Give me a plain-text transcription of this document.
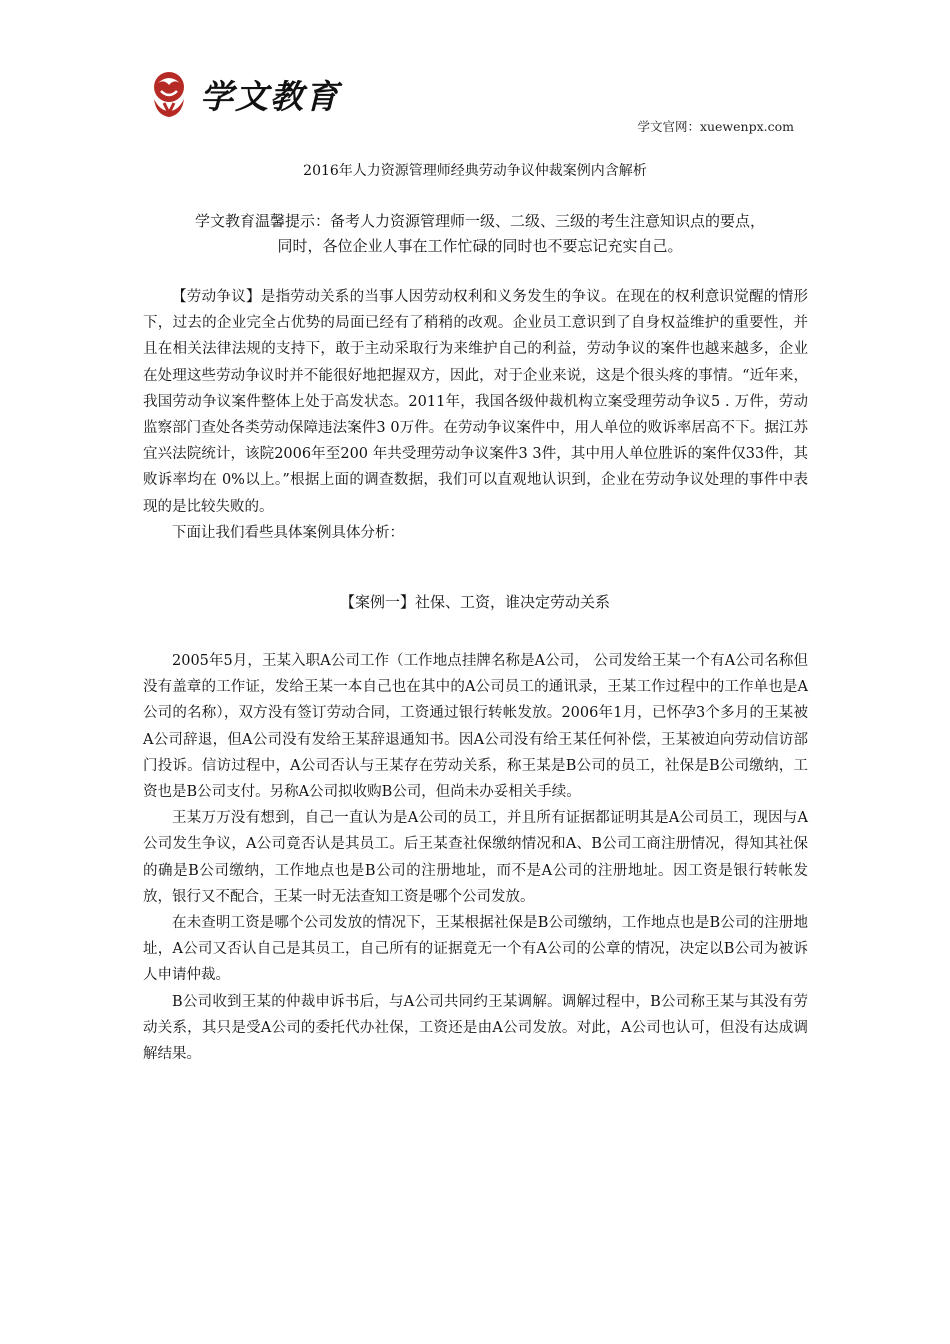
学文教育
学文官网：xuewenpx.com
2016年人力资源管理师经典劳动争议仲裁案例内含解析
学文教育温馨提示：备考人力资源管理师一级、二级、三级的考生注意知识点的要点，
同时，各位企业人事在工作忙碌的同时也不要忘记充实自己。

【劳动争议】是指劳动关系的当事人因劳动权利和义务发生的争议。在现在的权利意识觉醒的情形下，过去的企业完全占优势的局面已经有了稍稍的改观。企业员工意识到了自身权益维护的重要性，并且在相关法律法规的支持下，敢于主动采取行为来维护自己的利益，劳动争议的案件也越来越多，企业在处理这些劳动争议时并不能很好地把握双方，因此，对于企业来说，这是个很头疼的事情。“近年来，我国劳动争议案件整体上处于高发状态。2011年，我国各级仲裁机构立案受理劳动争议5 . 万件，劳动监察部门查处各类劳动保障违法案件3 0万件。在劳动争议案件中，用人单位的败诉率居高不下。据江苏宜兴法院统计，该院2006年至200 年共受理劳动争议案件3 3件，其中用人单位胜诉的案件仅33件，其败诉率均在 0%以上。”根据上面的调查数据，我们可以直观地认识到，企业在劳动争议处理的事件中表现的是比较失败的。

下面让我们看些具体案例具体分析：

【案例一】社保、工资，谁决定劳动关系

2005年5月，王某入职A公司工作（工作地点挂牌名称是A公司， 公司发给王某一个有A公司名称但没有盖章的工作证，发给王某一本自己也在其中的A公司员工的通讯录，王某工作过程中的工作单也是A公司的名称），双方没有签订劳动合同，工资通过银行转帐发放。2006年1月，已怀孕3个多月的王某被A公司辞退，但A公司没有发给王某辞退通知书。因A公司没有给王某任何补偿，王某被迫向劳动信访部门投诉。信访过程中，A公司否认与王某存在劳动关系，称王某是B公司的员工，社保是B公司缴纳，工资也是B公司支付。另称A公司拟收购B公司，但尚未办妥相关手续。

王某万万没有想到，自己一直认为是A公司的员工，并且所有证据都证明其是A公司员工，现因与A公司发生争议，A公司竟否认是其员工。后王某查社保缴纳情况和A、B公司工商注册情况，得知其社保的确是B公司缴纳，工作地点也是B公司的注册地址，而不是A公司的注册地址。因工资是银行转帐发放，银行又不配合，王某一时无法查知工资是哪个公司发放。

在未查明工资是哪个公司发放的情况下，王某根据社保是B公司缴纳，工作地点也是B公司的注册地址，A公司又否认自己是其员工，自己所有的证据竟无一个有A公司的公章的情况，决定以B公司为被诉人申请仲裁。

B公司收到王某的仲裁申诉书后，与A公司共同约王某调解。调解过程中，B公司称王某与其没有劳动关系，其只是受A公司的委托代办社保，工资还是由A公司发放。对此，A公司也认可，但没有达成调解结果。
